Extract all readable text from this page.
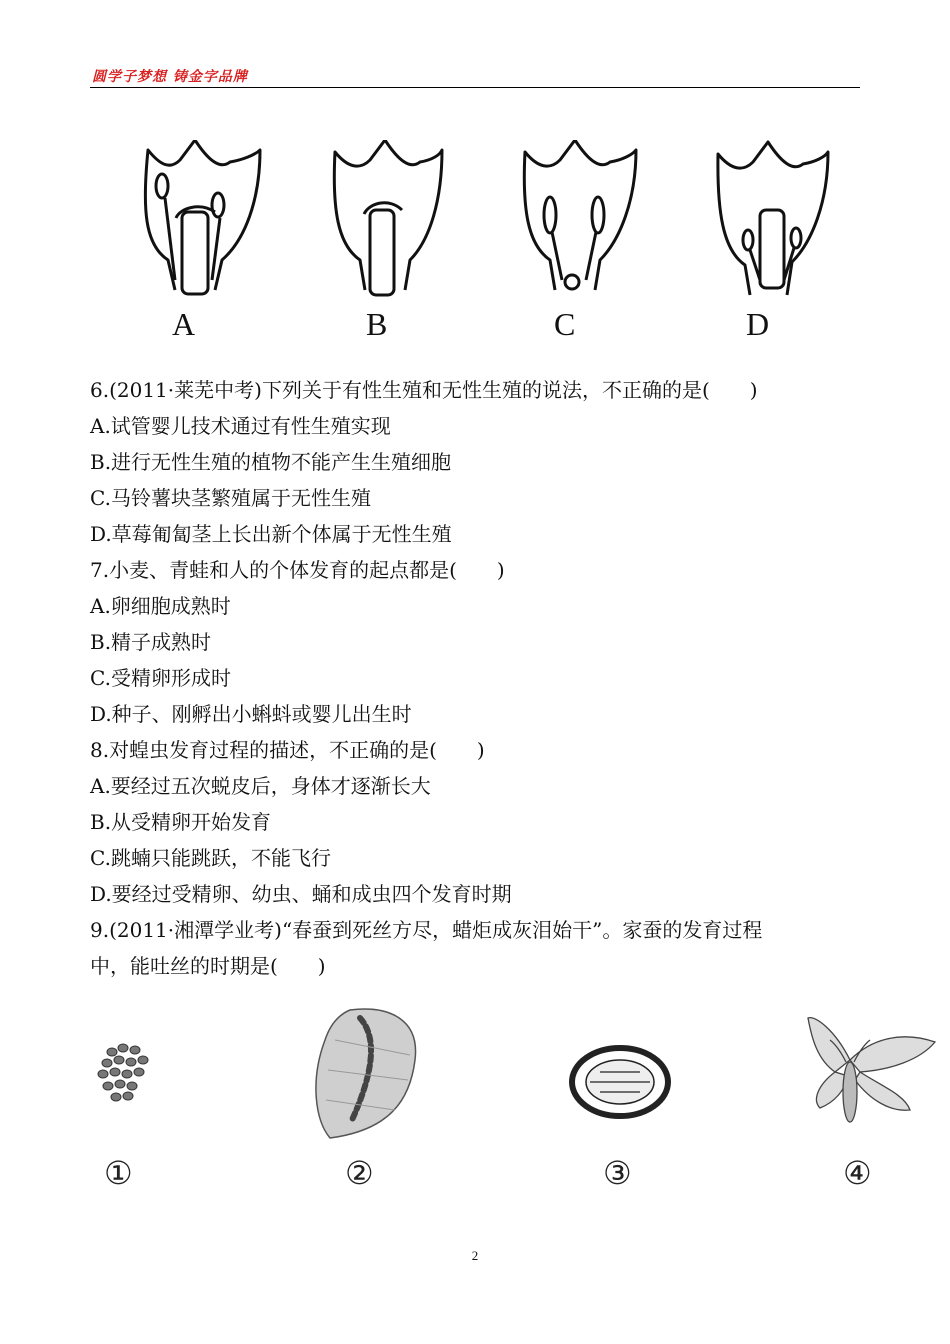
圆学子梦想 铸金字品牌
A	B	C	D
6.(2011·莱芜中考)下列关于有性生殖和无性生殖的说法，不正确的是(　　)
A.试管婴儿技术通过有性生殖实现
B.进行无性生殖的植物不能产生生殖细胞
C.马铃薯块茎繁殖属于无性生殖
D.草莓匍匐茎上长出新个体属于无性生殖
7.小麦、青蛙和人的个体发育的起点都是(　　)
A.卵细胞成熟时
B.精子成熟时
C.受精卵形成时
D.种子、刚孵出小蝌蚪或婴儿出生时
8.对蝗虫发育过程的描述，不正确的是(　　)
A.要经过五次蜕皮后，身体才逐渐长大
B.从受精卵开始发育
C.跳蝻只能跳跃，不能飞行
D.要经过受精卵、幼虫、蛹和成虫四个发育时期
9.(2011·湘潭学业考)“春蚕到死丝方尽，蜡炬成灰泪始干”。家蚕的发育过程
中，能吐丝的时期是(　　)
①	②	③	④
2
